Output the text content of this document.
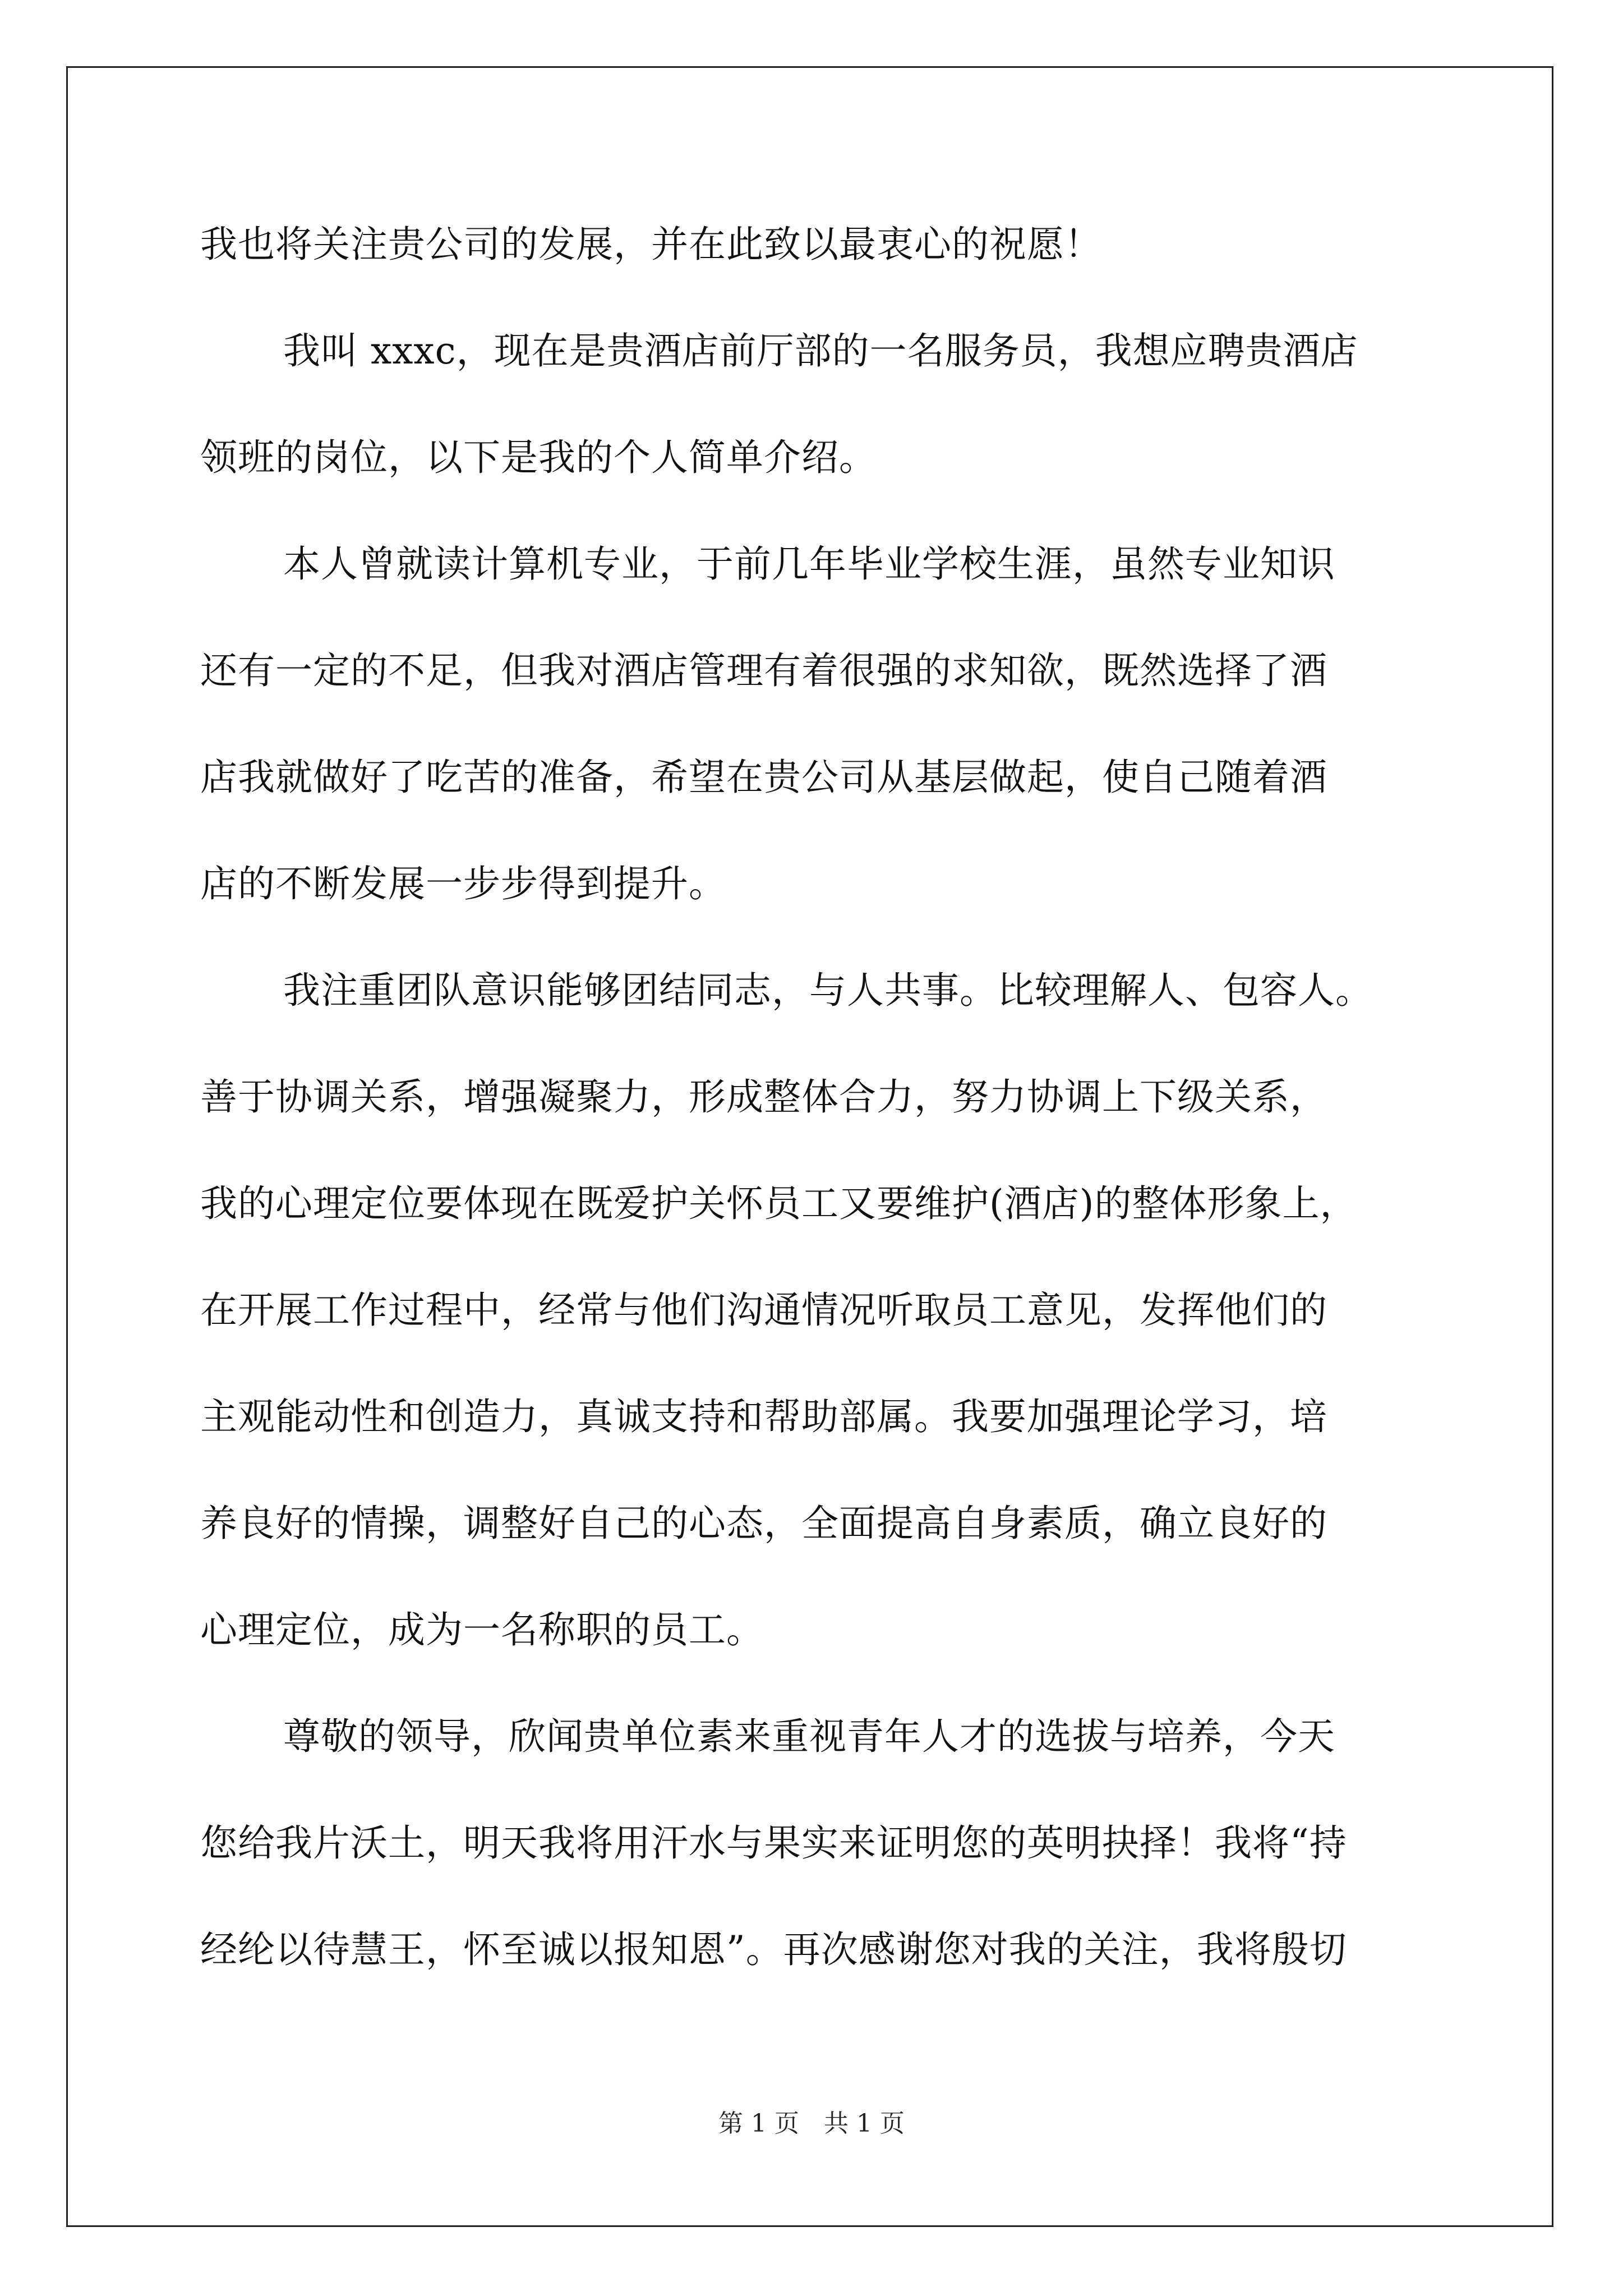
我也将关注贵公司的发展，并在此致以最衷心的祝愿！
我叫 xxxc，现在是贵酒店前厅部的一名服务员，我想应聘贵酒店
领班的岗位，以下是我的个人简单介绍。
本人曾就读计算机专业，于前几年毕业学校生涯，虽然专业知识
还有一定的不足，但我对酒店管理有着很强的求知欲，既然选择了酒
店我就做好了吃苦的准备，希望在贵公司从基层做起，使自己随着酒
店的不断发展一步步得到提升。
我注重团队意识能够团结同志，与人共事。比较理解人、包容人。
善于协调关系，增强凝聚力，形成整体合力，努力协调上下级关系，
我的心理定位要体现在既爱护关怀员工又要维护(酒店)的整体形象上，
在开展工作过程中，经常与他们沟通情况听取员工意见，发挥他们的
主观能动性和创造力，真诚支持和帮助部属。我要加强理论学习，培
养良好的情操，调整好自己的心态，全面提高自身素质，确立良好的
心理定位，成为一名称职的员工。
尊敬的领导，欣闻贵单位素来重视青年人才的选拔与培养，今天
您给我片沃土，明天我将用汗水与果实来证明您的英明抉择！我将“持
经纶以待慧王，怀至诚以报知恩”。再次感谢您对我的关注，我将殷切
第 1 页　共 1 页
